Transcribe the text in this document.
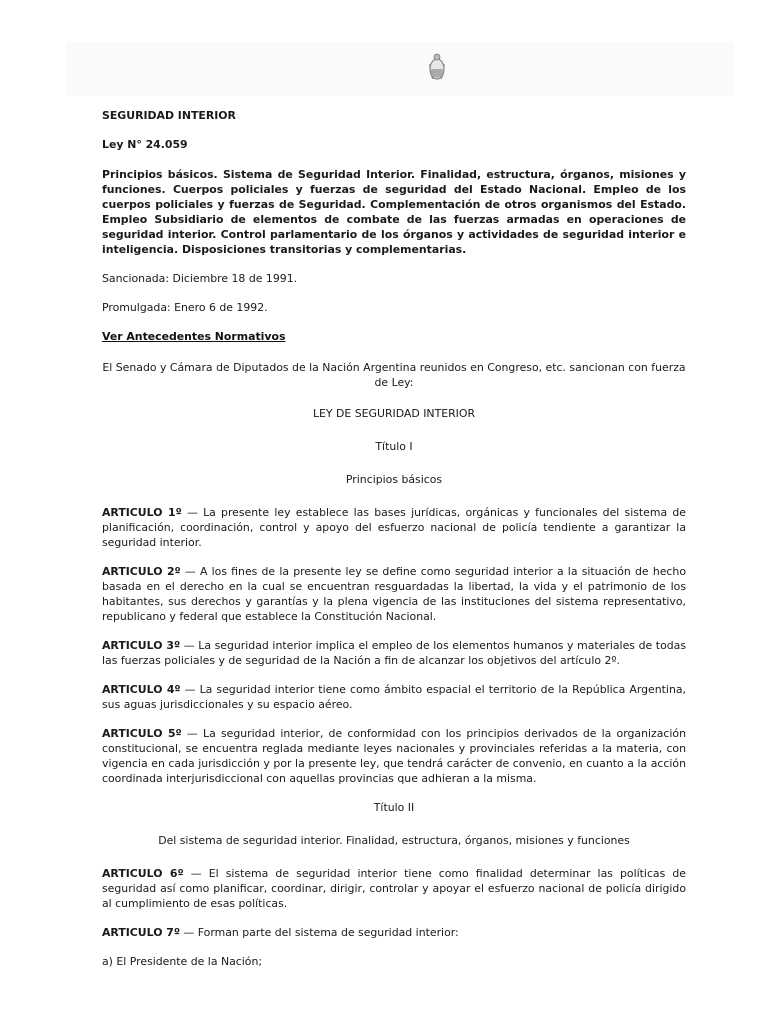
SEGURIDAD INTERIOR

Ley N° 24.059

Principios básicos. Sistema de Seguridad Interior. Finalidad, estructura, órganos, misiones y funciones. Cuerpos policiales y fuerzas de seguridad del Estado Nacional. Empleo de los cuerpos policiales y fuerzas de Seguridad. Complementación de otros organismos del Estado. Empleo Subsidiario de elementos de combate de las fuerzas armadas en operaciones de seguridad interior. Control parlamentario de los órganos y actividades de seguridad interior e inteligencia. Disposiciones transitorias y complementarias.

Sancionada: Diciembre 18 de 1991.

Promulgada: Enero 6 de 1992.

Ver Antecedentes Normativos

El Senado y Cámara de Diputados de la Nación Argentina reunidos en Congreso, etc. sancionan con fuerza de Ley:

LEY DE SEGURIDAD INTERIOR

Título I

Principios básicos

ARTICULO 1º — La presente ley establece las bases jurídicas, orgánicas y funcionales del sistema de planificación, coordinación, control y apoyo del esfuerzo nacional de policía tendiente a garantizar la seguridad interior.

ARTICULO 2º — A los fines de la presente ley se define como seguridad interior a la situación de hecho basada en el derecho en la cual se encuentran resguardadas la libertad, la vida y el patrimonio de los habitantes, sus derechos y garantías y la plena vigencia de las instituciones del sistema representativo, republicano y federal que establece la Constitución Nacional.

ARTICULO 3º — La seguridad interior implica el empleo de los elementos humanos y materiales de todas las fuerzas policiales y de seguridad de la Nación a fin de alcanzar los objetivos del artículo 2º.

ARTICULO 4º — La seguridad interior tiene como ámbito espacial el territorio de la República Argentina, sus aguas jurisdiccionales y su espacio aéreo.

ARTICULO 5º — La seguridad interior, de conformidad con los principios derivados de la organización constitucional, se encuentra reglada mediante leyes nacionales y provinciales referidas a la materia, con vigencia en cada jurisdicción y por la presente ley, que tendrá carácter de convenio, en cuanto a la acción coordinada interjurisdiccional con aquellas provincias que adhieran a la misma.

Título II

Del sistema de seguridad interior. Finalidad, estructura, órganos, misiones y funciones

ARTICULO 6º — El sistema de seguridad interior tiene como finalidad determinar las políticas de seguridad así como planificar, coordinar, dirigir, controlar y apoyar el esfuerzo nacional de policía dirigido al cumplimiento de esas políticas.

ARTICULO 7º — Forman parte del sistema de seguridad interior:

a) El Presidente de la Nación;
